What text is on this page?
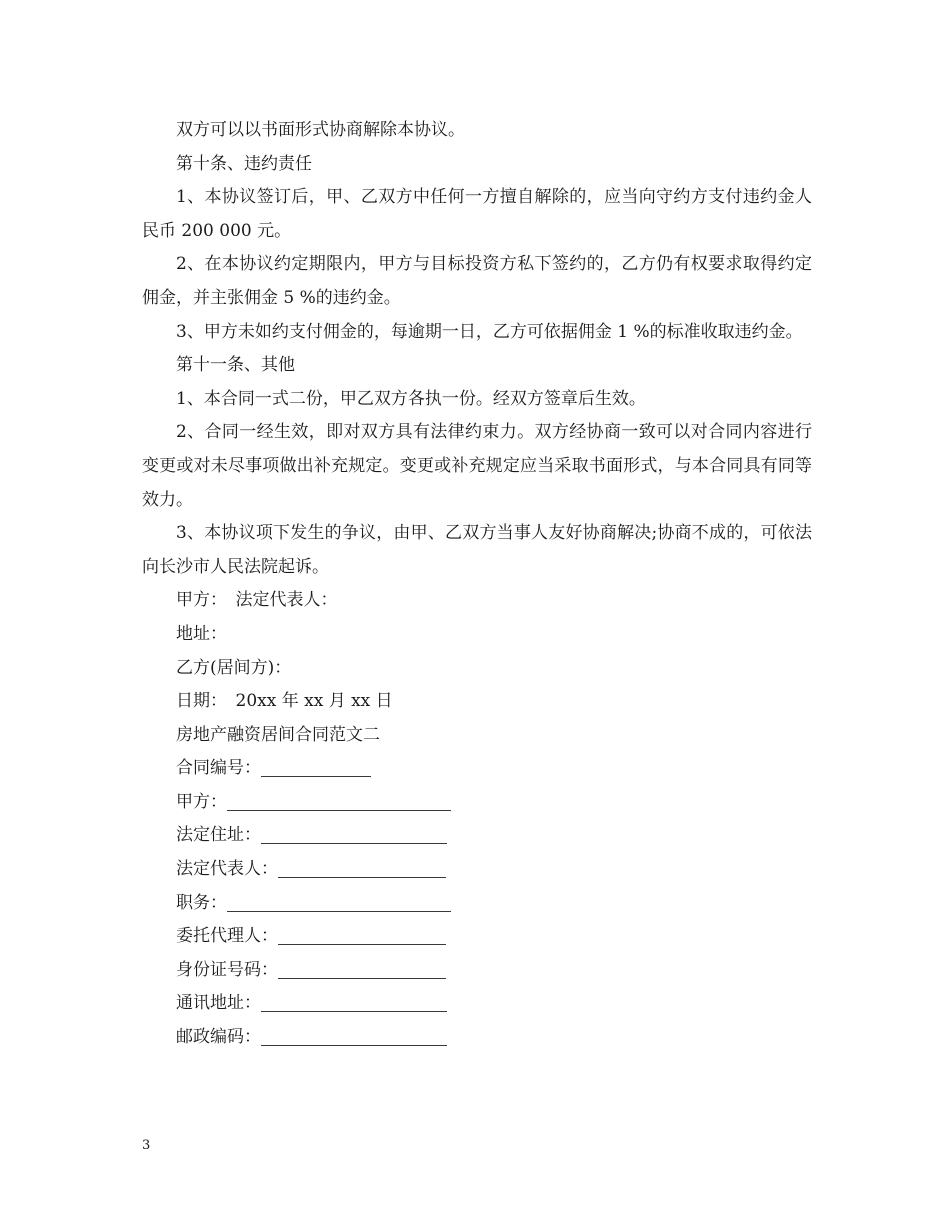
双方可以以书面形式协商解除本协议。

第十条、违约责任

1、本协议签订后，甲、乙双方中任何一方擅自解除的，应当向守约方支付违约金人民币 200 000 元。

2、在本协议约定期限内，甲方与目标投资方私下签约的，乙方仍有权要求取得约定佣金，并主张佣金 5 %的违约金。

3、甲方未如约支付佣金的，每逾期一日，乙方可依据佣金 1 %的标准收取违约金。

第十一条、其他

1、本合同一式二份，甲乙双方各执一份。经双方签章后生效。

2、合同一经生效，即对双方具有法律约束力。双方经协商一致可以对合同内容进行变更或对未尽事项做出补充规定。变更或补充规定应当采取书面形式，与本合同具有同等效力。

3、本协议项下发生的争议，由甲、乙双方当事人友好协商解决;协商不成的，可依法向长沙市人民法院起诉。

甲方：　法定代表人：

地址：

乙方(居间方)：

日期：　20xx 年 xx 月 xx 日

房地产融资居间合同范文二

合同编号：
甲方：
法定住址：
法定代表人：
职务：
委托代理人：
身份证号码：
通讯地址：
邮政编码：
3
